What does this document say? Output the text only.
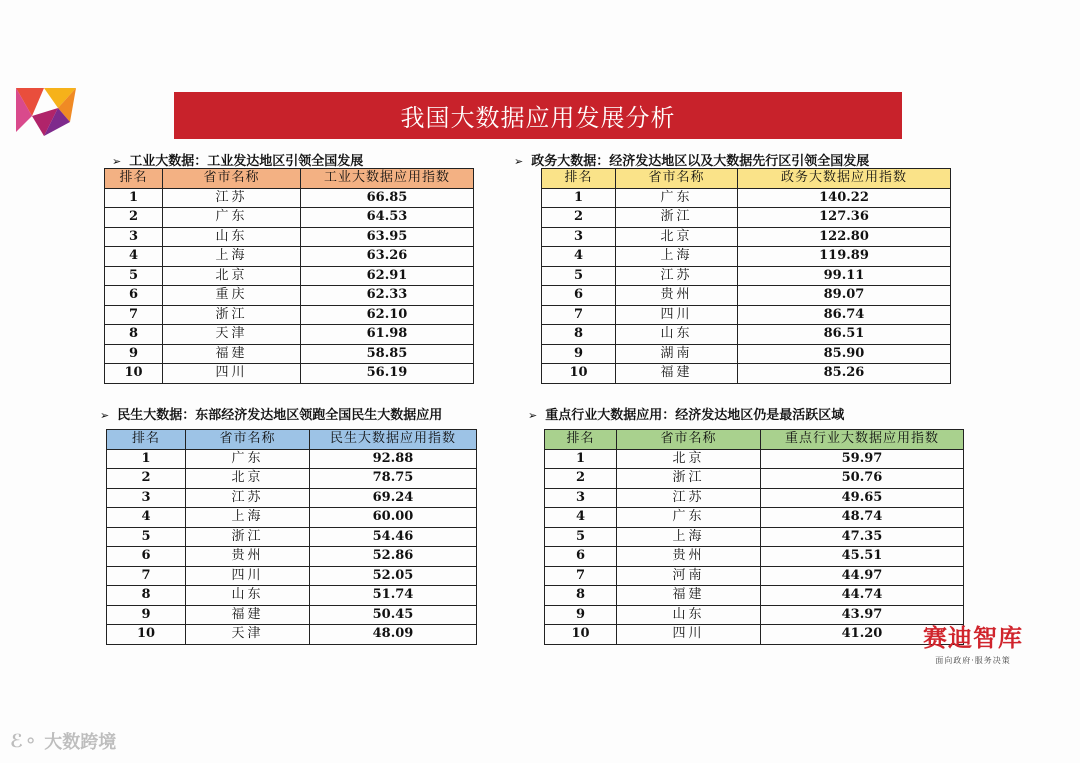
我国大数据应用发展分析
➢ 工业大数据：工业发达地区引领全国发展
排名	省市名称	工业大数据应用指数
1	江苏	66.85
2	广东	64.53
3	山东	63.95
4	上海	63.26
5	北京	62.91
6	重庆	62.33
7	浙江	62.10
8	天津	61.98
9	福建	58.85
10	四川	56.19
➢ 政务大数据：经济发达地区以及大数据先行区引领全国发展
排名	省市名称	政务大数据应用指数
1	广东	140.22
2	浙江	127.36
3	北京	122.80
4	上海	119.89
5	江苏	99.11
6	贵州	89.07
7	四川	86.74
8	山东	86.51
9	湖南	85.90
10	福建	85.26
➢ 民生大数据：东部经济发达地区领跑全国民生大数据应用
排名	省市名称	民生大数据应用指数
1	广东	92.88
2	北京	78.75
3	江苏	69.24
4	上海	60.00
5	浙江	54.46
6	贵州	52.86
7	四川	52.05
8	山东	51.74
9	福建	50.45
10	天津	48.09
➢ 重点行业大数据应用：经济发达地区仍是最活跃区域
排名	省市名称	重点行业大数据应用指数
1	北京	59.97
2	浙江	50.76
3	江苏	49.65
4	广东	48.74
5	上海	47.35
6	贵州	45.51
7	河南	44.97
8	福建	44.74
9	山东	43.97
10	四川	41.20	赛迪智库
面向政府·服务决策
ℰ⚬ 大数跨境
